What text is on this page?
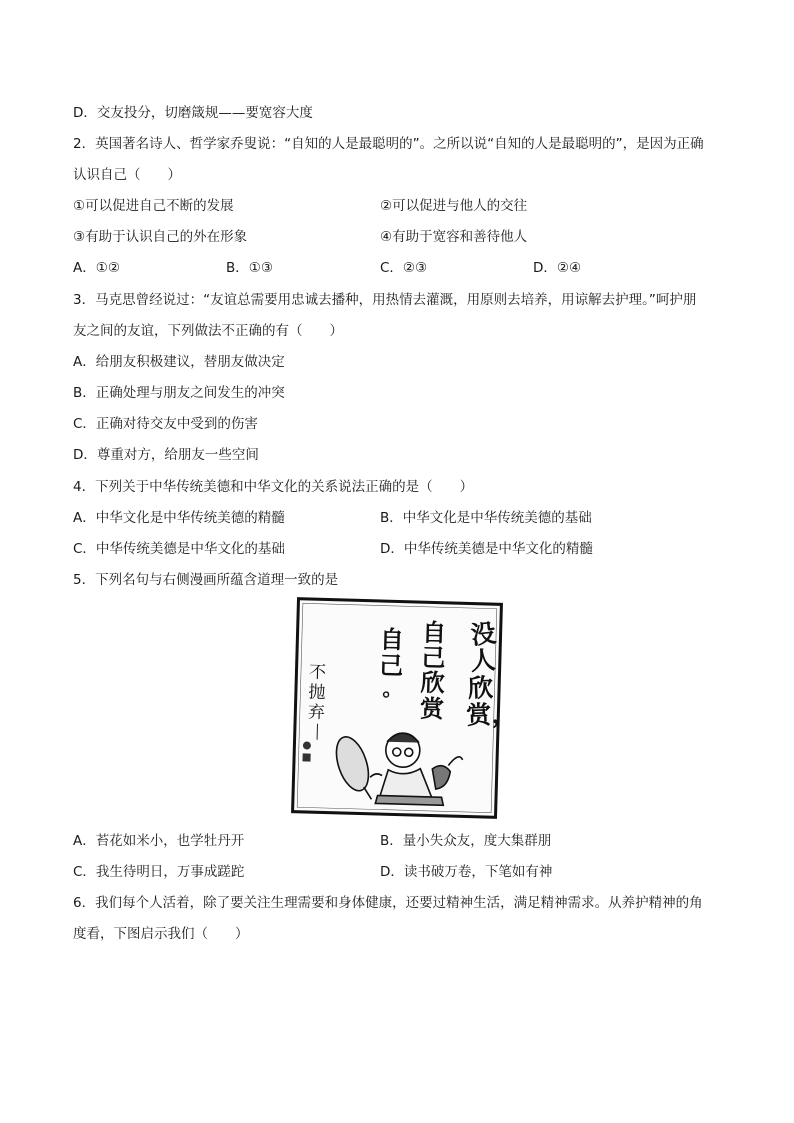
D．交友投分，切磨箴规——要宽容大度
2．英国著名诗人、哲学家乔叟说：“自知的人是最聪明的”。之所以说“自知的人是最聪明的”，是因为正确
认识自己（　　）
①可以促进自己不断的发展	②可以促进与他人的交往
③有助于认识自己的外在形象	④有助于宽容和善待他人
A．①②	B．①③	C．②③	D．②④
3．马克思曾经说过：“友谊总需要用忠诚去播种，用热情去灌溉，用原则去培养，用谅解去护理。”呵护朋
友之间的友谊，下列做法不正确的有（　　）
A．给朋友积极建议，替朋友做决定
B．正确处理与朋友之间发生的冲突
C．正确对待交友中受到的伤害
D．尊重对方，给朋友一些空间
4．下列关于中华传统美德和中华文化的关系说法正确的是（　　）
A．中华文化是中华传统美德的精髓	B．中华文化是中华传统美德的基础
C．中华传统美德是中华文化的基础	D．中华传统美德是中华文化的精髓
5．下列名句与右侧漫画所蕴含道理一致的是
没
人
欣
赏，
自
己
欣
赏
自
己
。
不
抛
弃
A．苔花如米小，也学牡丹开	B．量小失众友，度大集群朋
C．我生待明日，万事成蹉跎	D．读书破万卷，下笔如有神
6．我们每个人活着，除了要关注生理需要和身体健康，还要过精神生活，满足精神需求。从养护精神的角
度看，下图启示我们（　　）
